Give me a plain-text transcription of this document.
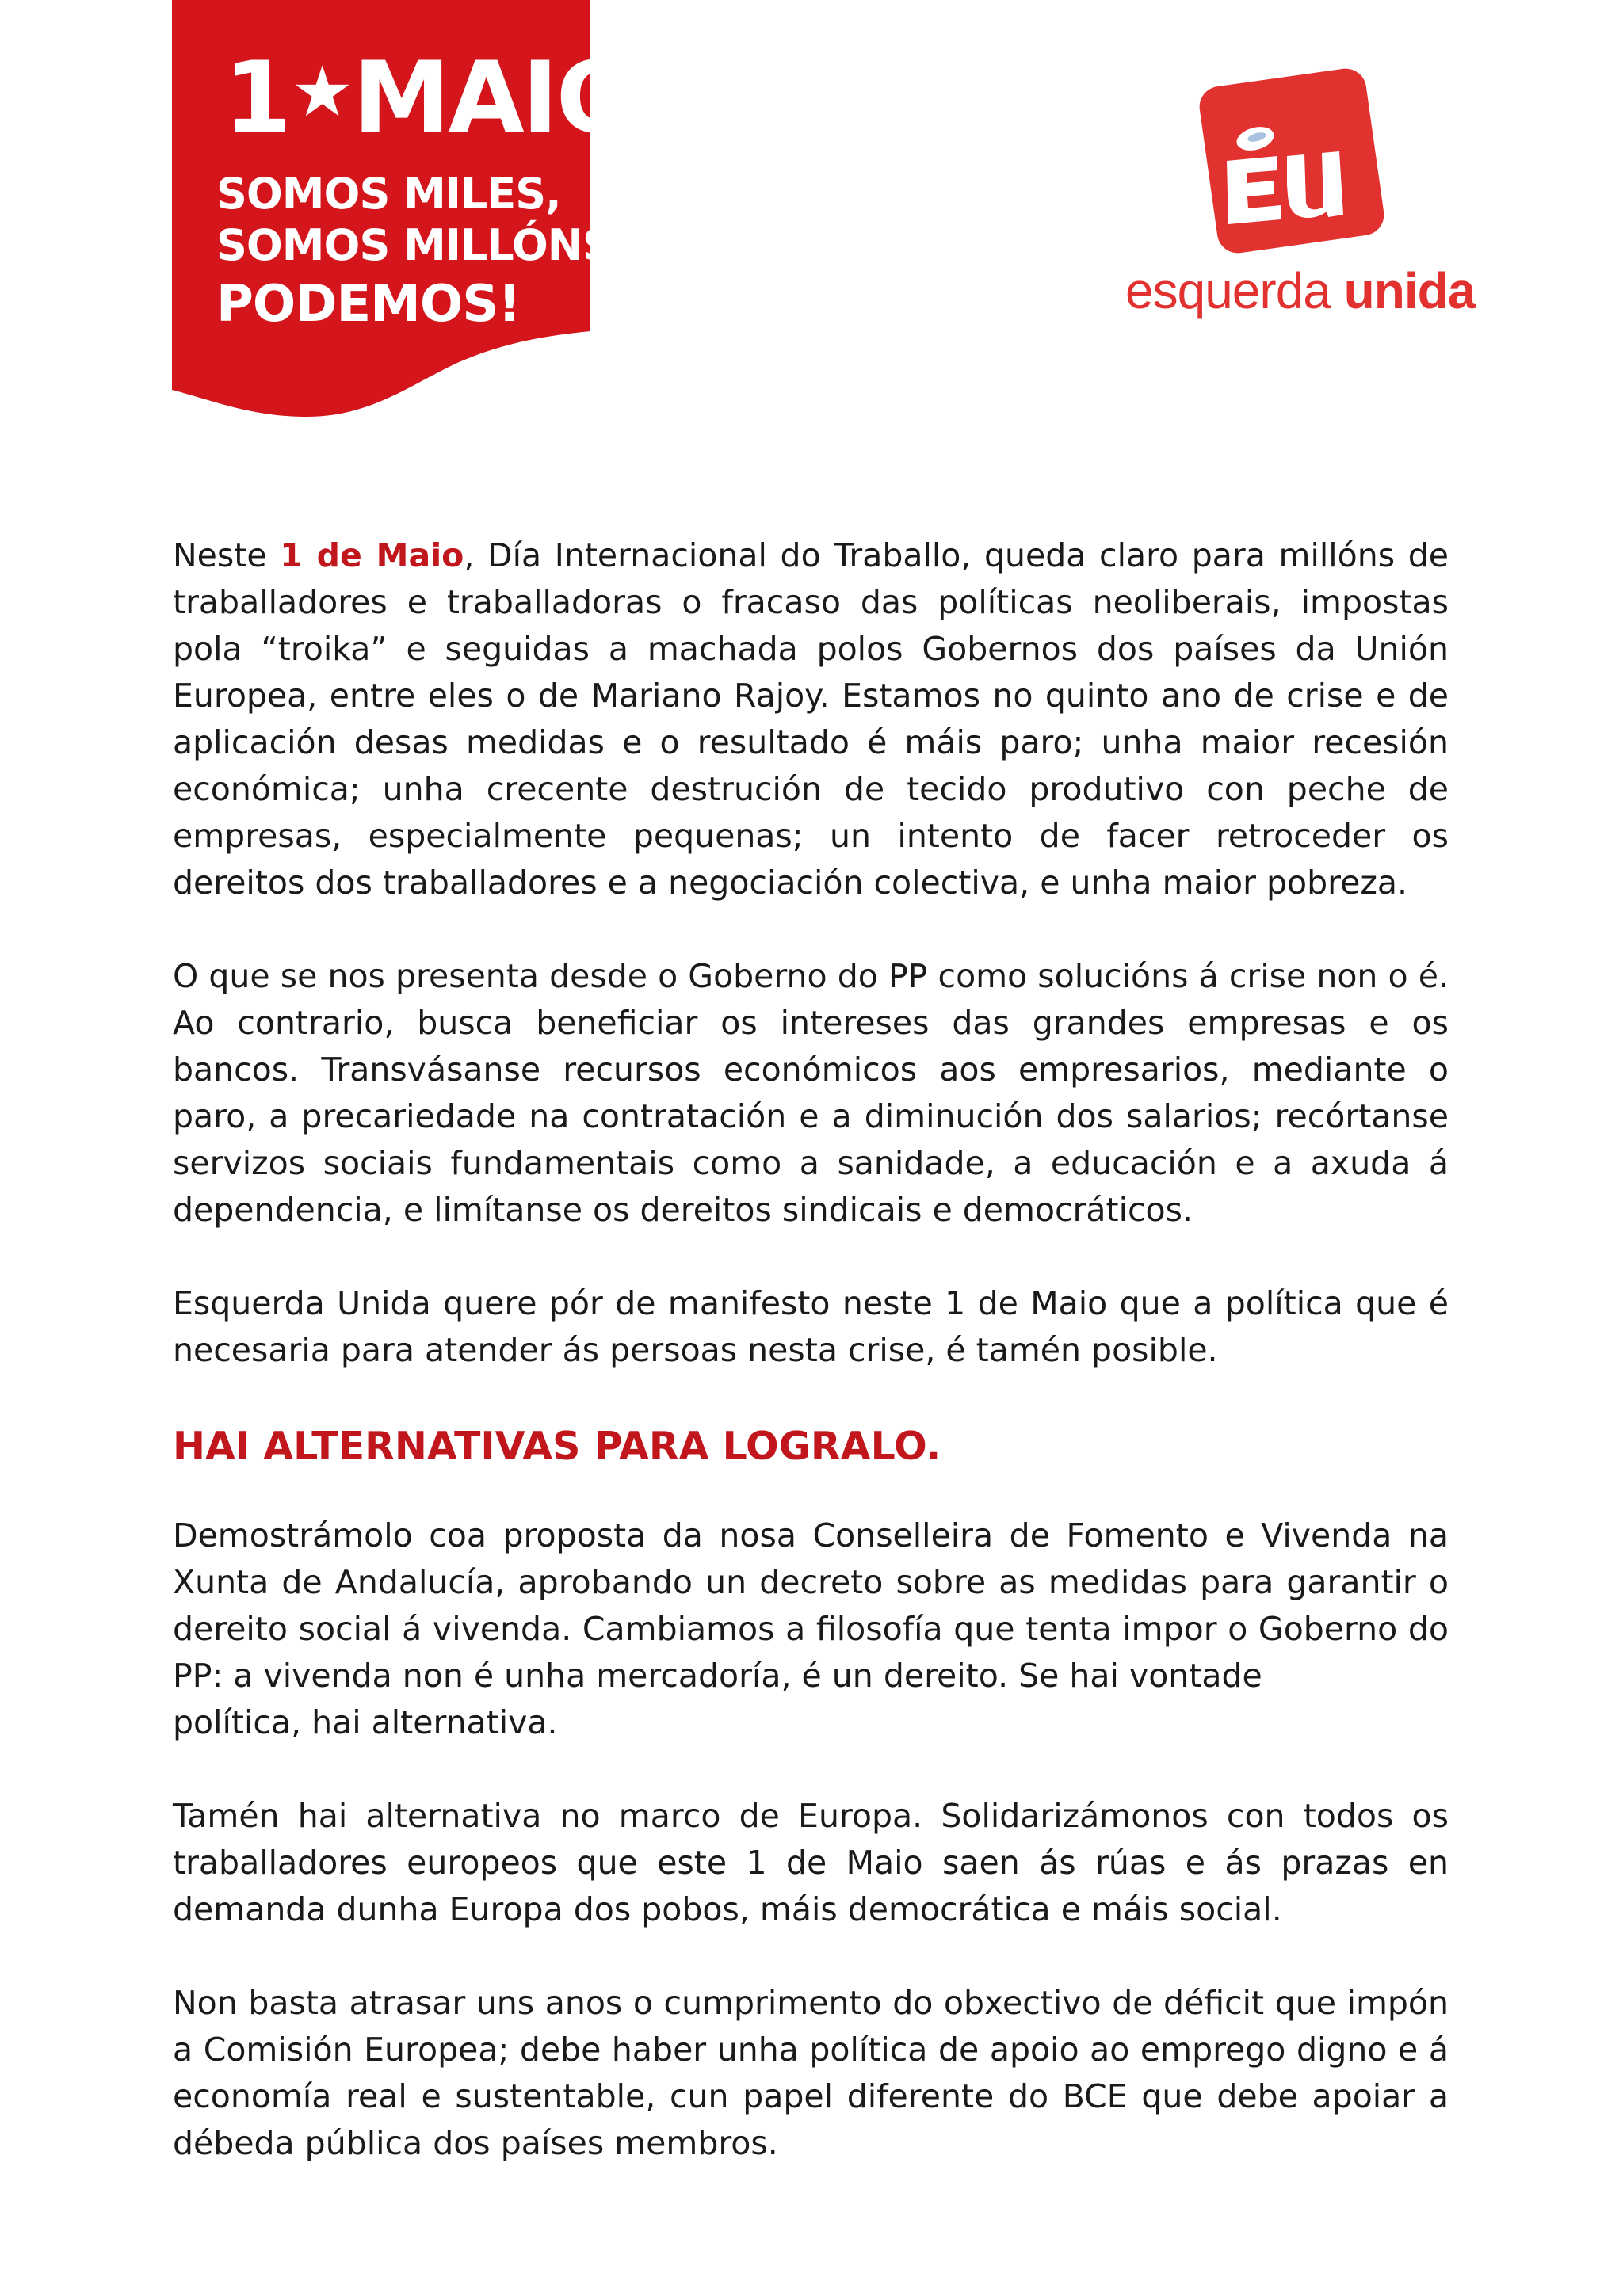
1★MAIO
SOMOS MILES,
SOMOS MILLÓNS,
PODEMOS!	esquerda unida

Neste 1 de Maio, Día Internacional do Traballo, queda claro para millóns de traballadores e traballadoras o fracaso das políticas neoliberais, impostas pola “troika” e seguidas a machada polos Gobernos dos países da Unión Europea, entre eles o de Mariano Rajoy. Estamos no quinto ano de crise e de aplicación desas medidas e o resultado é máis paro; unha maior recesión económica; unha crecente destrución de tecido produtivo con peche de empresas, especialmente pequenas; un intento de facer retroceder os dereitos dos traballadores e a negociación colectiva, e unha maior pobreza.

O que se nos presenta desde o Goberno do PP como solucións á crise non o é. Ao contrario, busca beneficiar os intereses das grandes empresas e os bancos. Transvásanse recursos económicos aos empresarios, mediante o paro, a precariedade na contratación e a diminución dos salarios; recórtanse servizos sociais fundamentais como a sanidade, a educación e a axuda á dependencia, e limítanse os dereitos sindicais e democráticos.

Esquerda Unida quere pór de manifesto neste 1 de Maio que a política que é necesaria para atender ás persoas nesta crise, é tamén posible.

HAI ALTERNATIVAS PARA LOGRALO.

Demostrámolo coa proposta da nosa Conselleira de Fomento e Vivenda na Xunta de Andalucía, aprobando un decreto sobre as medidas para garantir o dereito social á vivenda. Cambiamos a filosofía que tenta impor o Goberno do PP: a vivenda non é unha mercadoría, é un dereito. Se hai vontade
política, hai alternativa.

Tamén hai alternativa no marco de Europa. Solidarizámonos con todos os traballadores europeos que este 1 de Maio saen ás rúas e ás prazas en demanda dunha Europa dos pobos, máis democrática e máis social.

Non basta atrasar uns anos o cumprimento do obxectivo de déficit que impón a Comisión Europea; debe haber unha política de apoio ao emprego digno e á economía real e sustentable, cun papel diferente do BCE que debe apoiar a débeda pública dos países membros.
